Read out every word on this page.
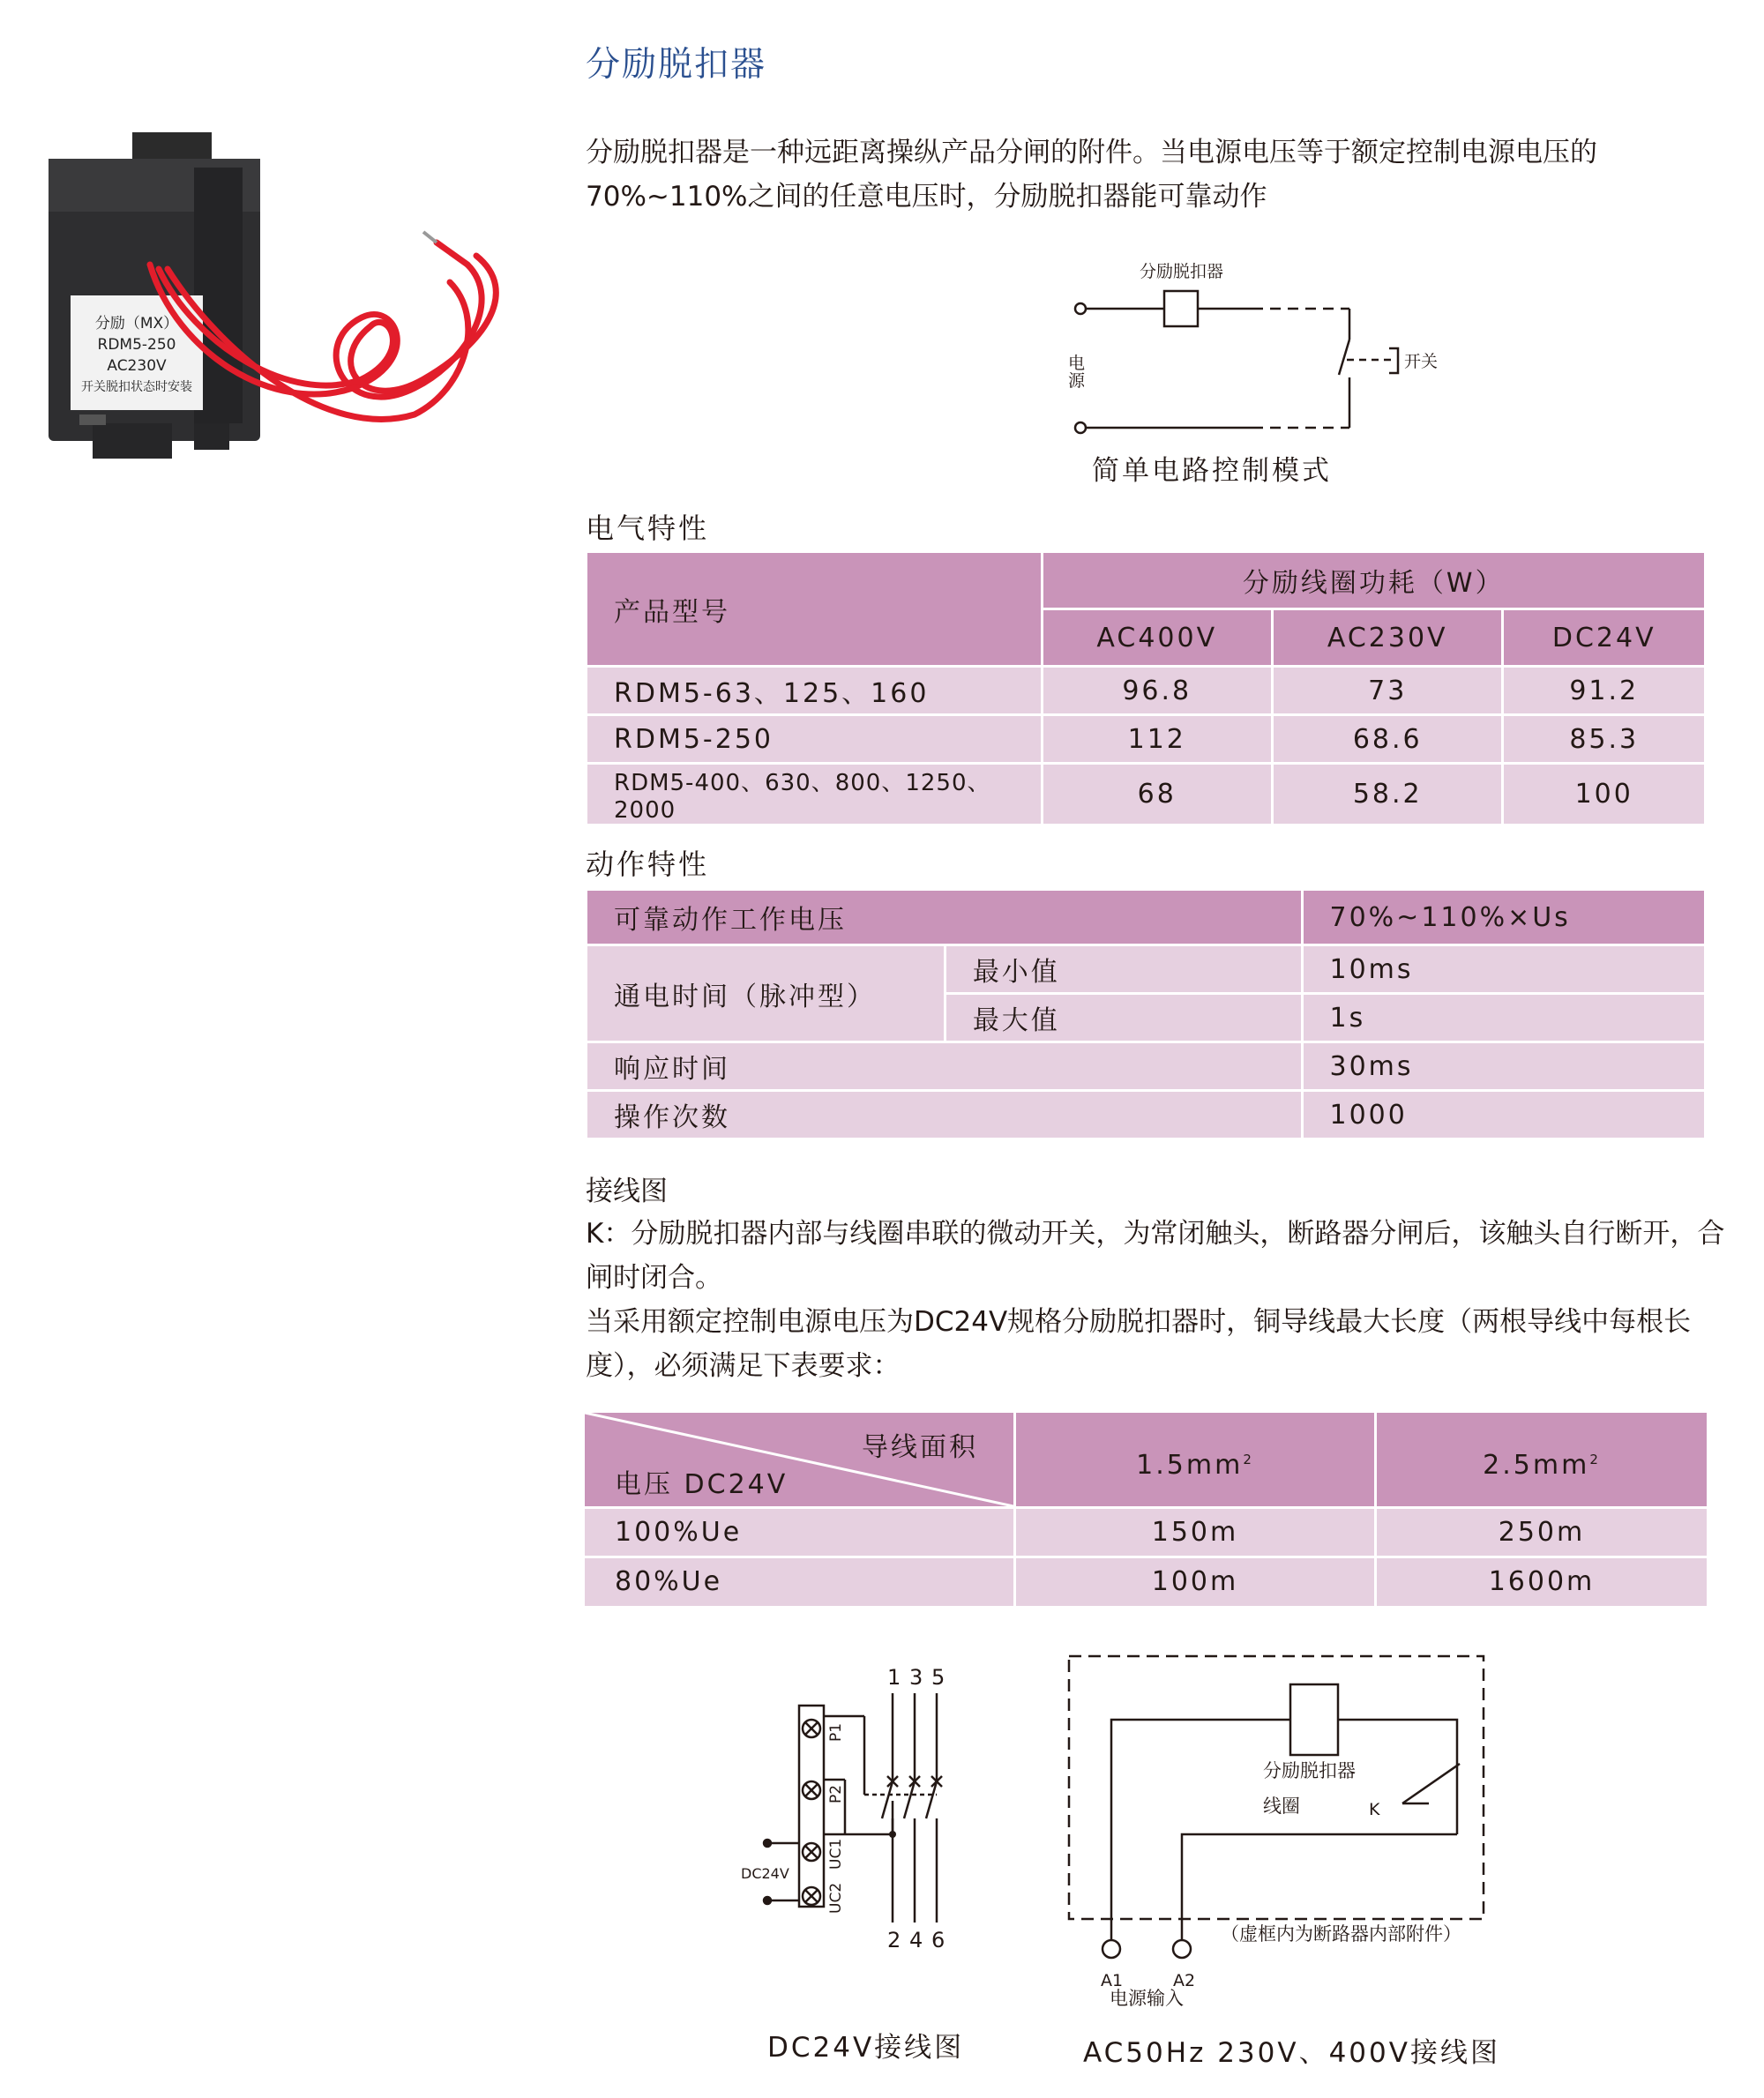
分励（MX）
RDM5-250
AC230V
开关脱扣状态时安装
分励脱扣器
分励脱扣器是一种远距离操纵产品分闸的附件。当电源电压等于额定控制电源电压的70%~110%之间的任意电压时，分励脱扣器能可靠动作
分励脱扣器
开关
电源
简单电路控制模式
电气特性
产品型号	分励线圈功耗（W）		
	AC400V	AC230V	DC24V
RDM5-63、125、160	96.8	73	91.2
RDM5-250	112	68.6	85.3
RDM5-400、630、800、1250、2000	68	58.2	100
动作特性
可靠动作工作电压		70%~110%×Us
通电时间（脉冲型）	最小值	10ms
	最大值	1s
响应时间		30ms
操作次数		1000
接线图
K：分励脱扣器内部与线圈串联的微动开关，为常闭触头，断路器分闸后，该触头自行断开，合闸时闭合。
当采用额定控制电源电压为DC24V规格分励脱扣器时，铜导线最大长度（两根导线中每根长度），必须满足下表要求：
导线面积
电压 DC24V
$1.5mm^2$	$2.5mm^2$
100%Ue	150m	250m
80%Ue	100m	1600m
1 3 5
2 4 6
P1
P2
UC1
UC2
DC24V
DC24V接线图
分励脱扣器
线圈	K
（虚框内为断路器内部附件）
A1	A2
电源输入
AC50Hz 230V、400V接线图
